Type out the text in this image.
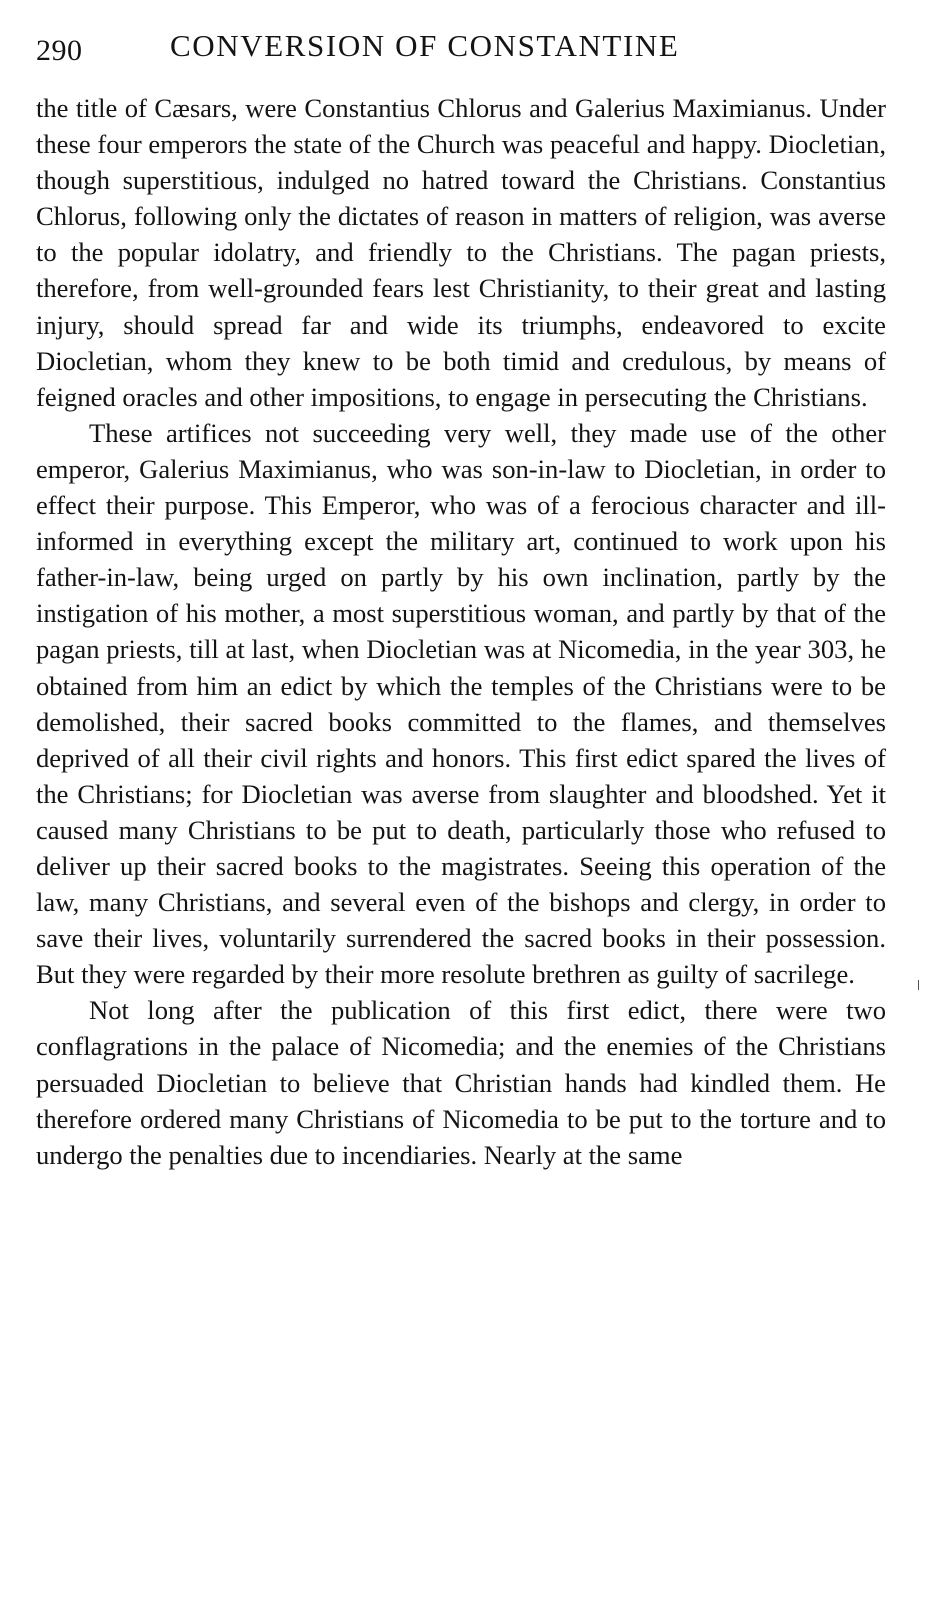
290	CONVERSION OF CONSTANTINE

the title of Cæsars, were Constantius Chlorus and Galerius Maximianus. Under these four emperors the state of the Church was peaceful and happy. Diocletian, though superstitious, indulged no hatred toward the Christians. Constantius Chlorus, following only the dictates of reason in matters of religion, was averse to the popular idolatry, and friendly to the Christians. The pagan priests, therefore, from well-grounded fears lest Christianity, to their great and lasting injury, should spread far and wide its triumphs, endeavored to excite Diocletian, whom they knew to be both timid and credulous, by means of feigned oracles and other impositions, to engage in persecuting the Christians.

These artifices not succeeding very well, they made use of the other emperor, Galerius Maximianus, who was son-in-law to Diocletian, in order to effect their purpose. This Emperor, who was of a ferocious character and ill-informed in everything except the military art, continued to work upon his father-in-law, being urged on partly by his own inclination, partly by the instigation of his mother, a most superstitious woman, and partly by that of the pagan priests, till at last, when Diocletian was at Nicomedia, in the year 303, he obtained from him an edict by which the temples of the Christians were to be demolished, their sacred books committed to the flames, and themselves deprived of all their civil rights and honors. This first edict spared the lives of the Christians; for Diocletian was averse from slaughter and bloodshed. Yet it caused many Christians to be put to death, particularly those who refused to deliver up their sacred books to the magistrates. Seeing this operation of the law, many Christians, and several even of the bishops and clergy, in order to save their lives, voluntarily surrendered the sacred books in their possession. But they were regarded by their more resolute brethren as guilty of sacrilege.

Not long after the publication of this first edict, there were two conflagrations in the palace of Nicomedia; and the enemies of the Christians persuaded Diocletian to believe that Christian hands had kindled them. He therefore ordered many Christians of Nicomedia to be put to the torture and to undergo the penalties due to incendiaries. Nearly at the same
